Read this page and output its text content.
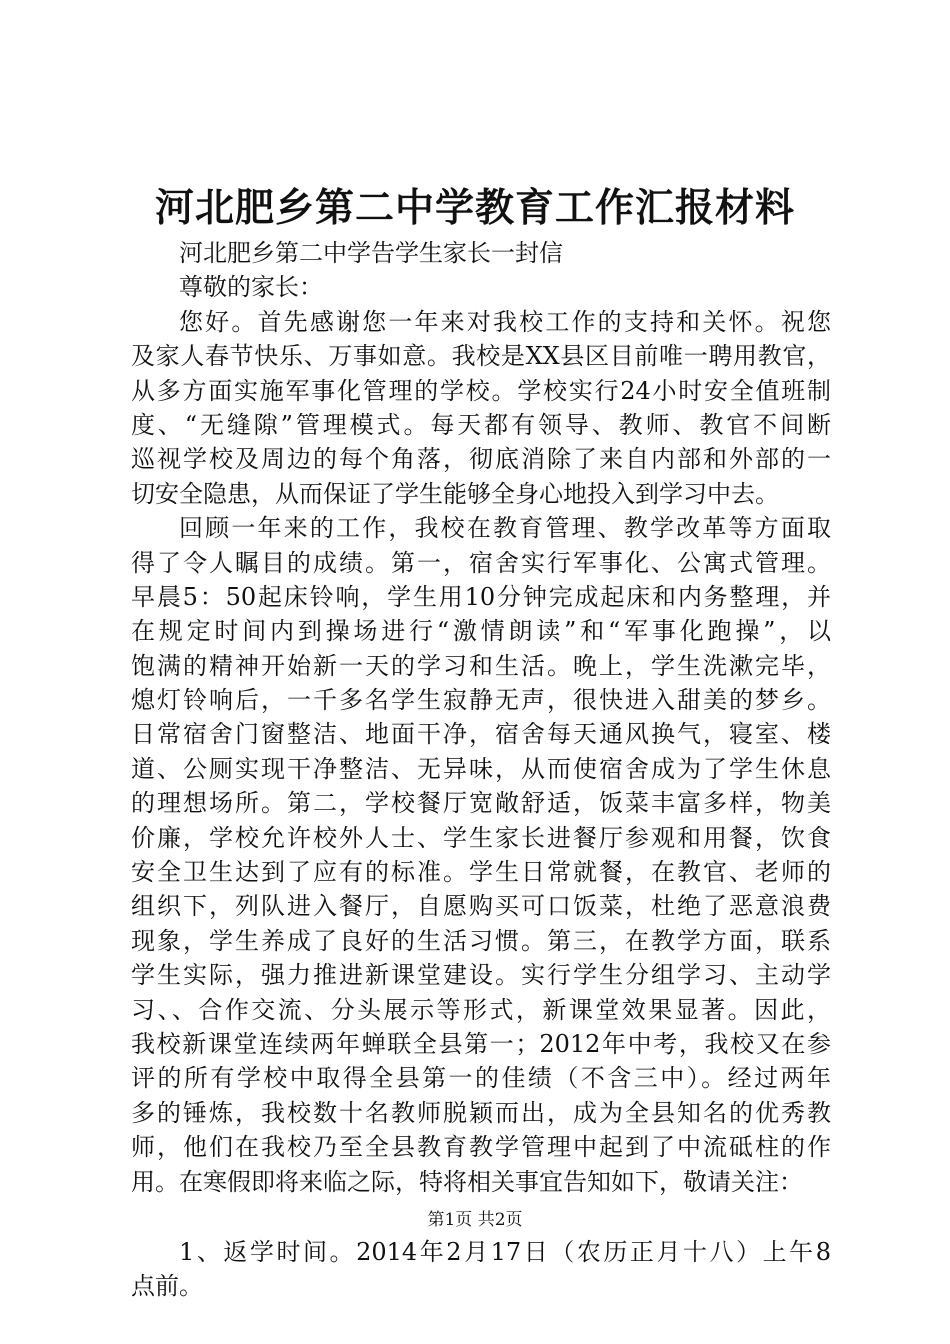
河北肥乡第二中学教育工作汇报材料
河北肥乡第二中学告学生家长一封信
尊敬的家长：
您好。首先感谢您一年来对我校工作的支持和关怀。祝您
及家人春节快乐、万事如意。我校是XX县区目前唯一聘用教官，
从多方面实施军事化管理的学校。学校实行24小时安全值班制
度、“无缝隙”管理模式。每天都有领导、教师、教官不间断
巡视学校及周边的每个角落，彻底消除了来自内部和外部的一
切安全隐患，从而保证了学生能够全身心地投入到学习中去。
回顾一年来的工作，我校在教育管理、教学改革等方面取
得了令人瞩目的成绩。第一，宿舍实行军事化、公寓式管理。
早晨5：50起床铃响，学生用10分钟完成起床和内务整理，并
在规定时间内到操场进行“激情朗读”和“军事化跑操”，以
饱满的精神开始新一天的学习和生活。晚上，学生洗漱完毕，
熄灯铃响后，一千多名学生寂静无声，很快进入甜美的梦乡。
日常宿舍门窗整洁、地面干净，宿舍每天通风换气，寝室、楼
道、公厕实现干净整洁、无异味，从而使宿舍成为了学生休息
的理想场所。第二，学校餐厅宽敞舒适，饭菜丰富多样，物美
价廉，学校允许校外人士、学生家长进餐厅参观和用餐，饮食
安全卫生达到了应有的标准。学生日常就餐，在教官、老师的
组织下，列队进入餐厅，自愿购买可口饭菜，杜绝了恶意浪费
现象，学生养成了良好的生活习惯。第三，在教学方面，联系
学生实际，强力推进新课堂建设。实行学生分组学习、主动学
习、、合作交流、分头展示等形式，新课堂效果显著。因此，
我校新课堂连续两年蝉联全县第一；2012年中考，我校又在参
评的所有学校中取得全县第一的佳绩（不含三中）。经过两年
多的锤炼，我校数十名教师脱颖而出，成为全县知名的优秀教
师，他们在我校乃至全县教育教学管理中起到了中流砥柱的作
用。在寒假即将来临之际，特将相关事宜告知如下，敬请关注：
1、返学时间。2014年2月17日（农历正月十八）上午8
点前。
第1页 共2页
